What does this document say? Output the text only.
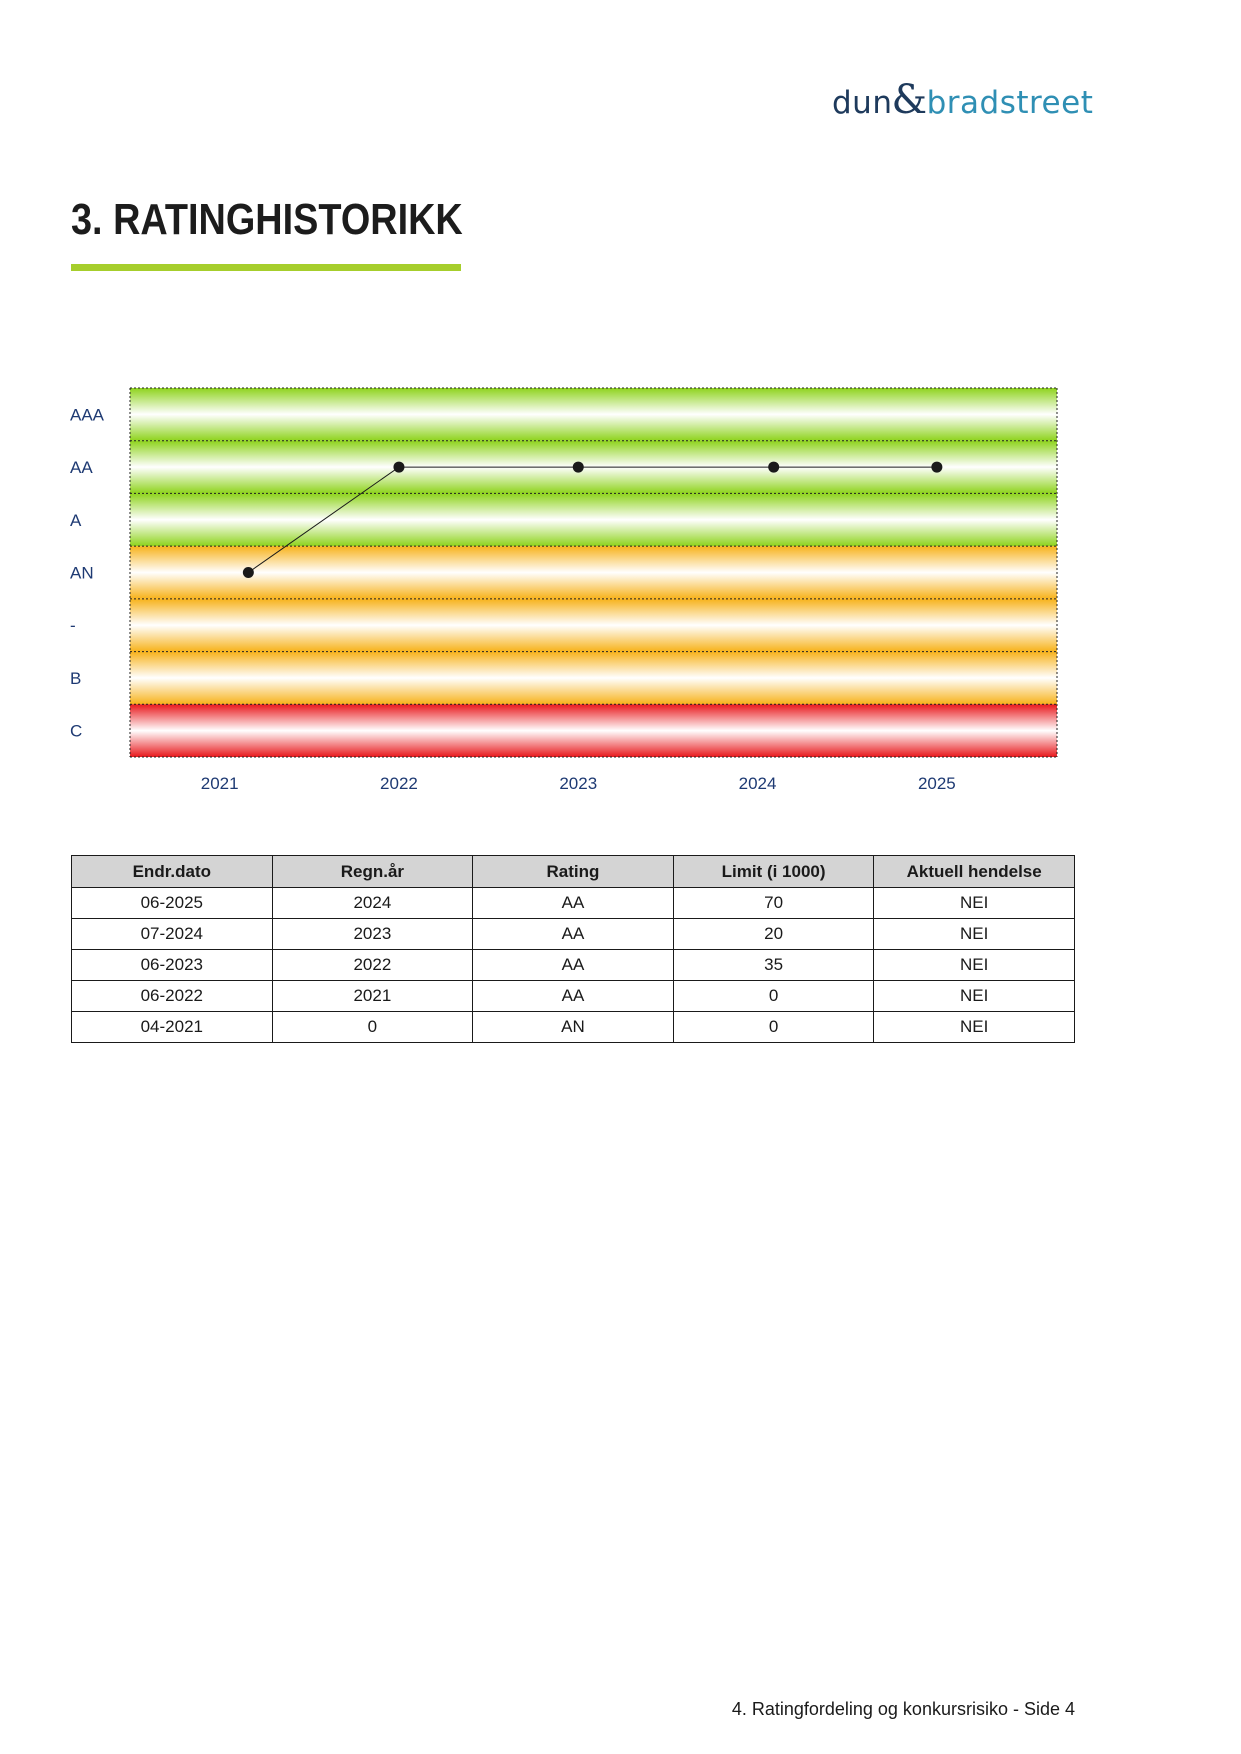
dun&bradstreet
3. RATINGHISTORIKK
AAA
AA
A
AN
-
B
C
2021	2022	2023	2024	2025
Endr.dato	Regn.år	Rating	Limit (i 1000)	Aktuell hendelse
06-2025	2024	AA	70	NEI
07-2024	2023	AA	20	NEI
06-2023	2022	AA	35	NEI
06-2022	2021	AA	0	NEI
04-2021	0	AN	0	NEI
4. Ratingfordeling og konkursrisiko - Side 4
